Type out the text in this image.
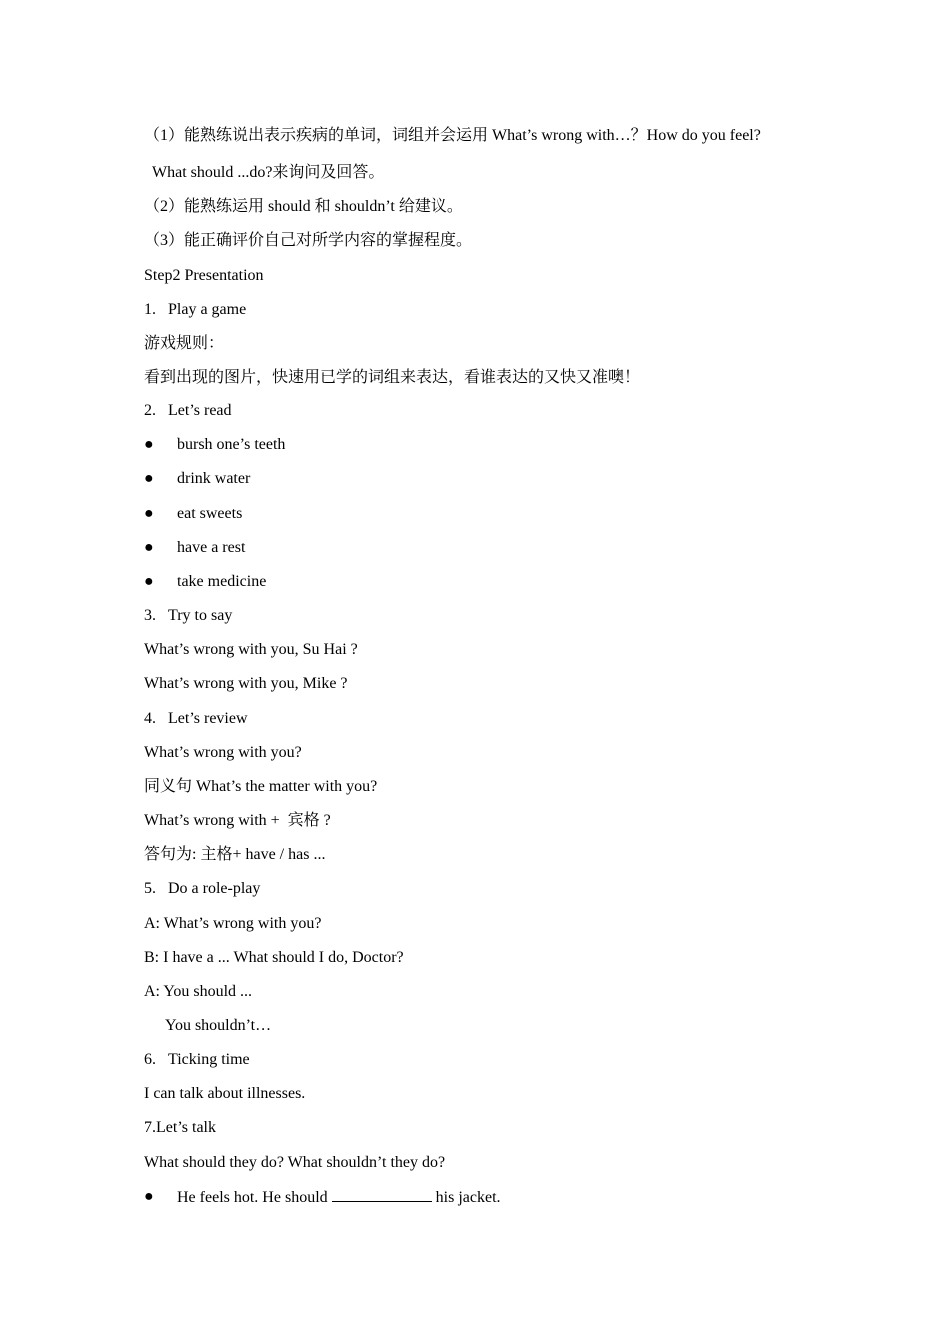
（1）能熟练说出表示疾病的单词，词组并会运用 What’s wrong with…？How do you feel?
What should ...do?来询问及回答。
（2）能熟练运用 should 和 shouldn’t 给建议。
（3）能正确评价自己对所学内容的掌握程度。
Step2 Presentation
1.   Play a game
游戏规则：
看到出现的图片，快速用已学的词组来表达，看谁表达的又快又准噢！
2.   Let’s read
● bursh one’s teeth
● drink water
● eat sweets
● have a rest
● take medicine
3.   Try to say
What’s wrong with you, Su Hai ?
What’s wrong with you, Mike ?
4.   Let’s review
What’s wrong with you?
同义句 What’s the matter with you?
What’s wrong with +  宾格 ?
答句为: 主格+ have / has ...
5.   Do a role-play
A: What’s wrong with you?
B: I have a ... What should I do, Doctor?
A: You should ...
You shouldn’t…
6.   Ticking time
I can talk about illnesses.
7.Let’s talk
What should they do? What shouldn’t they do?
● He feels hot. He should	his jacket.
